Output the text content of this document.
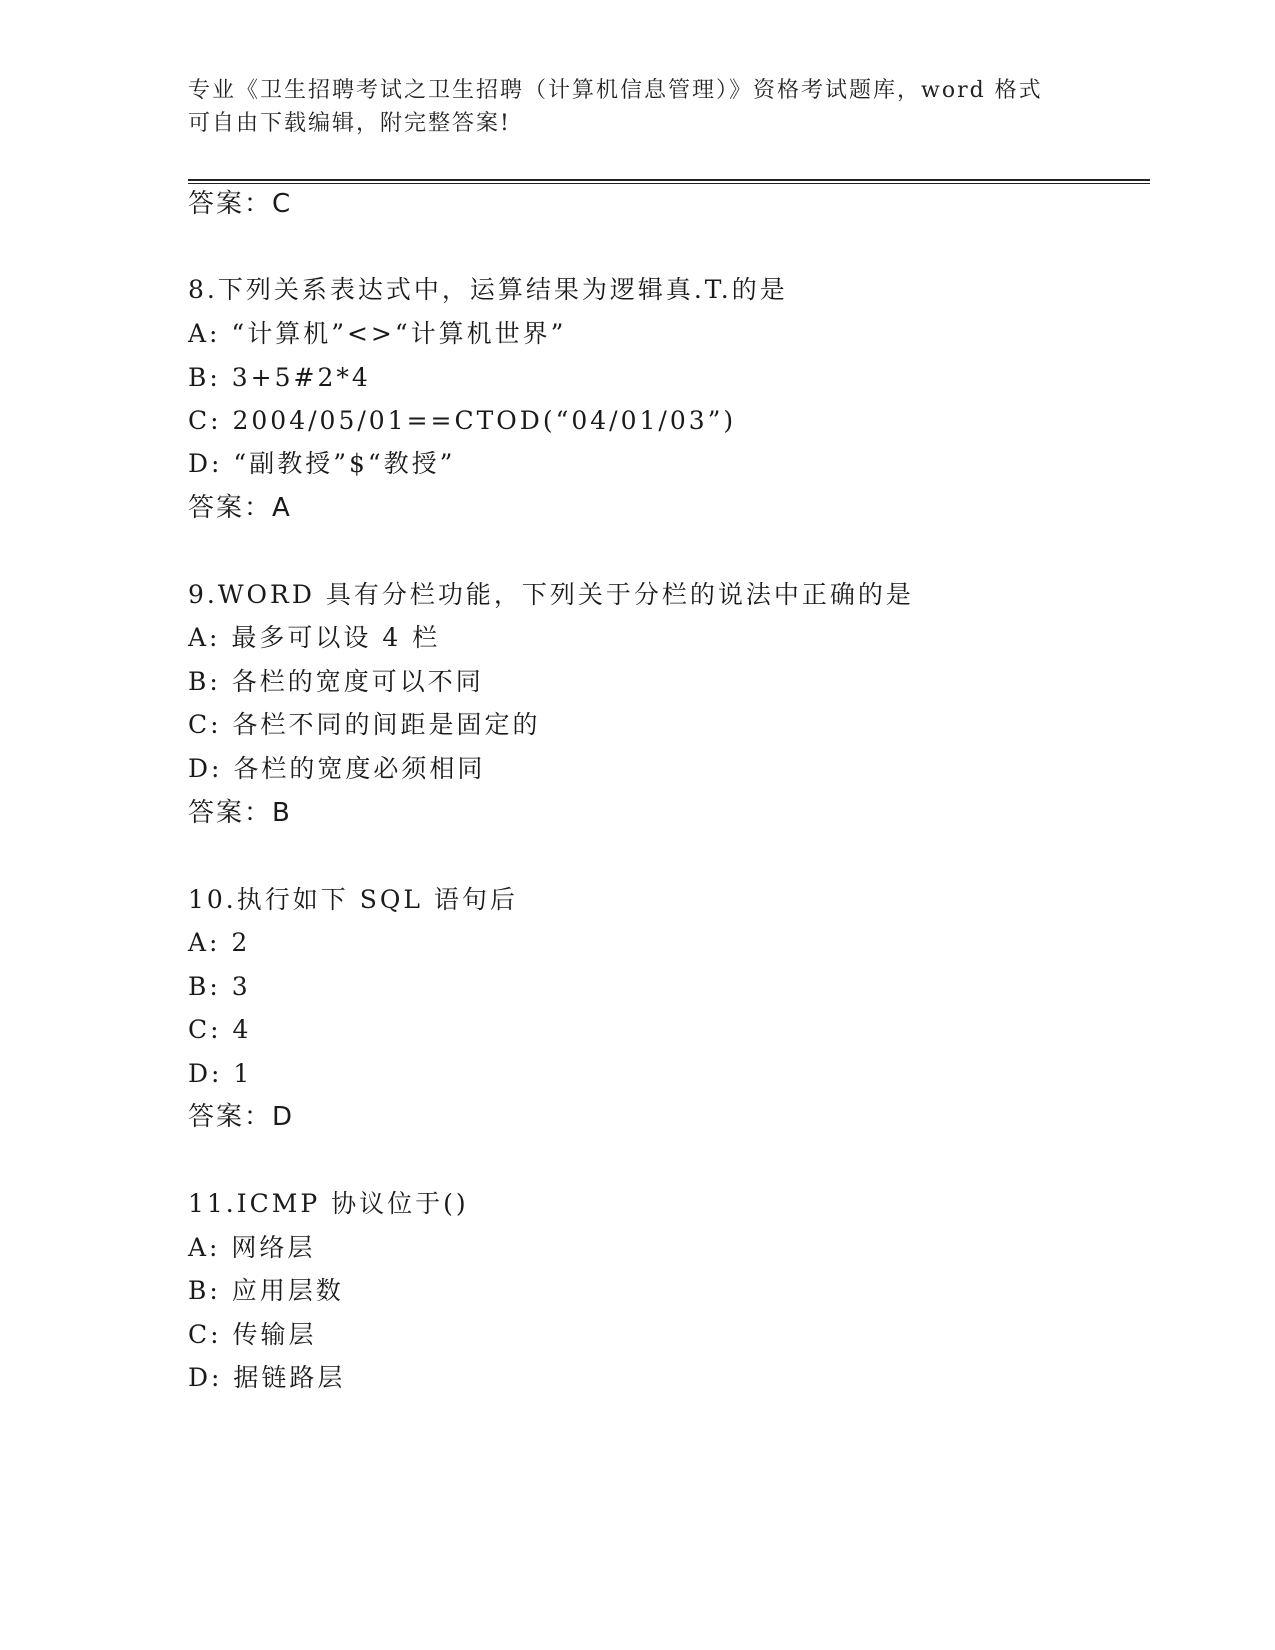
专业《卫生招聘考试之卫生招聘（计算机信息管理）》资格考试题库，word 格式
可自由下载编辑，附完整答案!
答案：C
8.下列关系表达式中，运算结果为逻辑真.T.的是
A: “计算机”<>“计算机世界”
B: 3+5#2*4
C: 2004/05/01==CTOD(“04/01/03”)
D: “副教授”$“教授”
答案：A
9.WORD 具有分栏功能，下列关于分栏的说法中正确的是
A: 最多可以设 4 栏
B: 各栏的宽度可以不同
C: 各栏不同的间距是固定的
D: 各栏的宽度必须相同
答案：B
10.执行如下 SQL 语句后
A: 2
B: 3
C: 4
D: 1
答案：D
11.ICMP 协议位于()
A: 网络层
B: 应用层数
C: 传输层
D: 据链路层
